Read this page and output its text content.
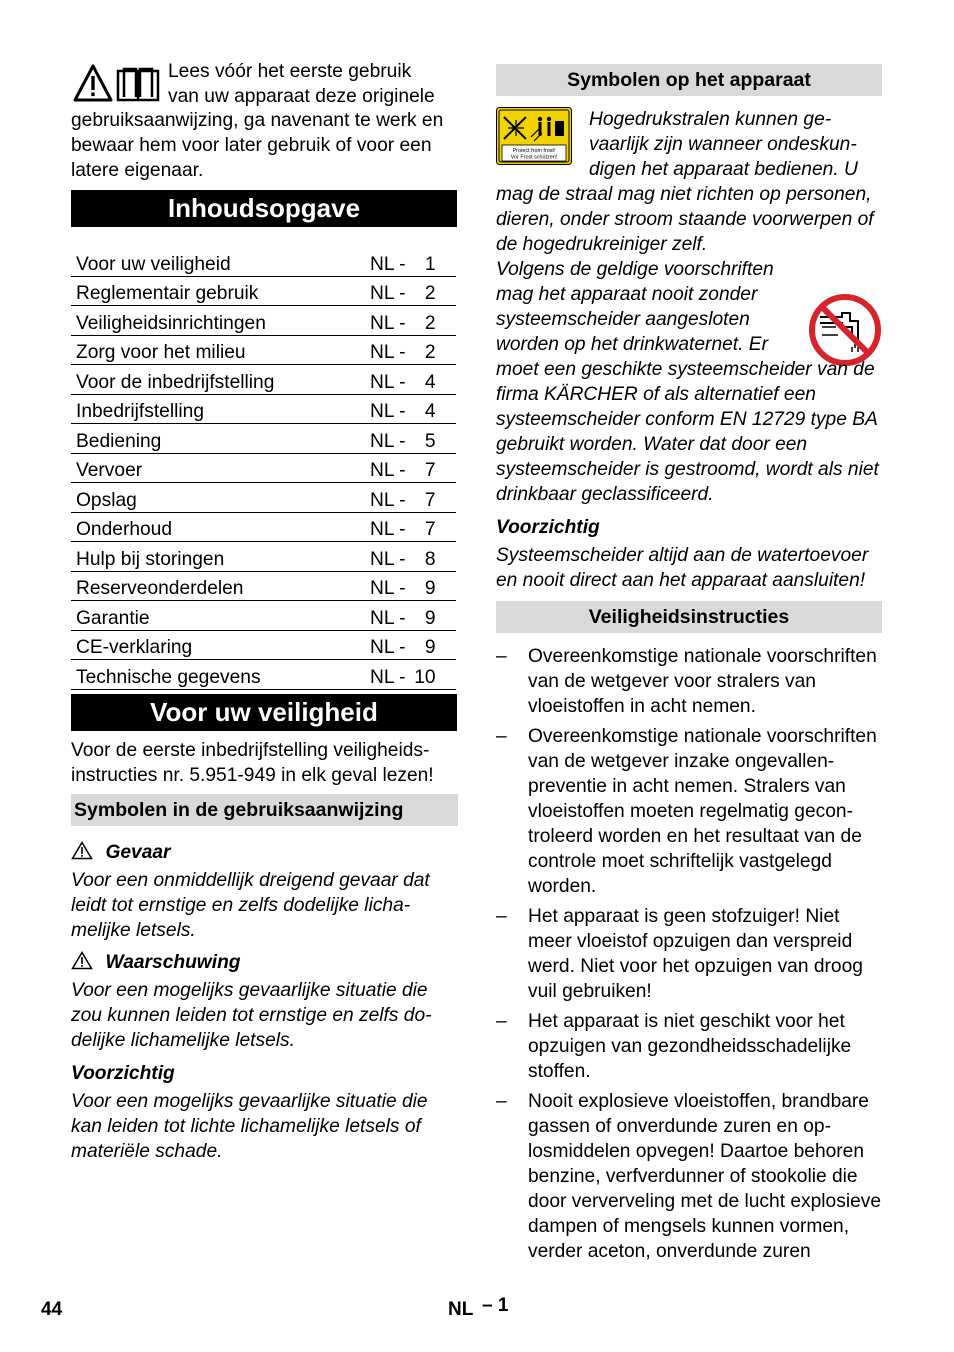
Lees vóór het eerste gebruik

van uw apparaat deze originele

gebruiksaanwijzing, ga navenant te werk en bewaar hem voor later gebruik of voor een latere eigenaar.

Inhoudsopgave
Voor uw veiligheid	NL - 1
Reglementair gebruik	NL - 2
Veiligheidsinrichtingen	NL - 2
Zorg voor het milieu	NL - 2
Voor de inbedrijfstelling	NL - 4
Inbedrijfstelling	NL - 4
Bediening	NL - 5
Vervoer	NL - 7
Opslag	NL - 7
Onderhoud	NL - 7
Hulp bij storingen	NL - 8
Reserveonderdelen	NL - 9
Garantie	NL - 9
CE-verklaring	NL - 9
Technische gegevens	NL - 10
Voor uw veiligheid

Voor de eerste inbedrijfstelling veiligheids-

instructies nr. 5.951-949 in elk geval lezen!

Symbolen in de gebruiksaanwijzing
Gevaar

Voor een onmiddellijk dreigend gevaar dat leidt tot ernstige en zelfs dodelijke lichamelijke letsels.

Waarschuwing

Voor een mogelijks gevaarlijke situatie die zou kunnen leiden tot ernstige en zelfs dodelijke lichamelijke letsels.

Voorzichtig

Voor een mogelijks gevaarlijke situatie die kan leiden tot lichte lichamelijke letsels of materiële schade.

Symbolen op het apparaat
Protect from frost!
Vor Frost schützen!
Hogedrukstralen kunnen gevaarlijk zijn wanneer ondeskundigen het apparaat bedienen. U mag de straal mag niet richten op personen, dieren, onder stroom staande voorwerpen of de hogedrukreiniger zelf.
Volgens de geldige voorschriften mag het apparaat nooit zonder systeemscheider aangesloten worden op het drinkwaternet. Er moet een geschikte systeemscheider van de firma KÄRCHER of als alternatief een systeemscheider conform EN 12729 type BA gebruikt worden. Water dat door een systeemscheider is gestroomd, wordt als niet drinkbaar geclassificeerd.
Voorzichtig

Systeemscheider altijd aan de watertoevoer en nooit direct aan het apparaat aansluiten!

Veiligheidsinstructies
–	Overeenkomstige nationale voorschriften van de wetgever voor stralers van vloeistoffen in acht nemen.
–	Overeenkomstige nationale voorschriften van de wetgever inzake ongevallenpreventie in acht nemen. Stralers van vloeistoffen moeten regelmatig gecontroleerd worden en het resultaat van de controle moet schriftelijk vastgelegd worden.
–	Het apparaat is geen stofzuiger! Niet meer vloeistof opzuigen dan verspreid werd. Niet voor het opzuigen van droog vuil gebruiken!
–	Het apparaat is niet geschikt voor het opzuigen van gezondheidsschadelijke stoffen.
–	Nooit explosieve vloeistoffen, brandbare gassen of onverdunde zuren en oplosmiddelen opvegen! Daartoe behoren benzine, verfverdunner of stookolie die door ververveling met de lucht explosieve dampen of mengsels kunnen vormen, verder aceton, onverdunde zuren
44	NL – 1
